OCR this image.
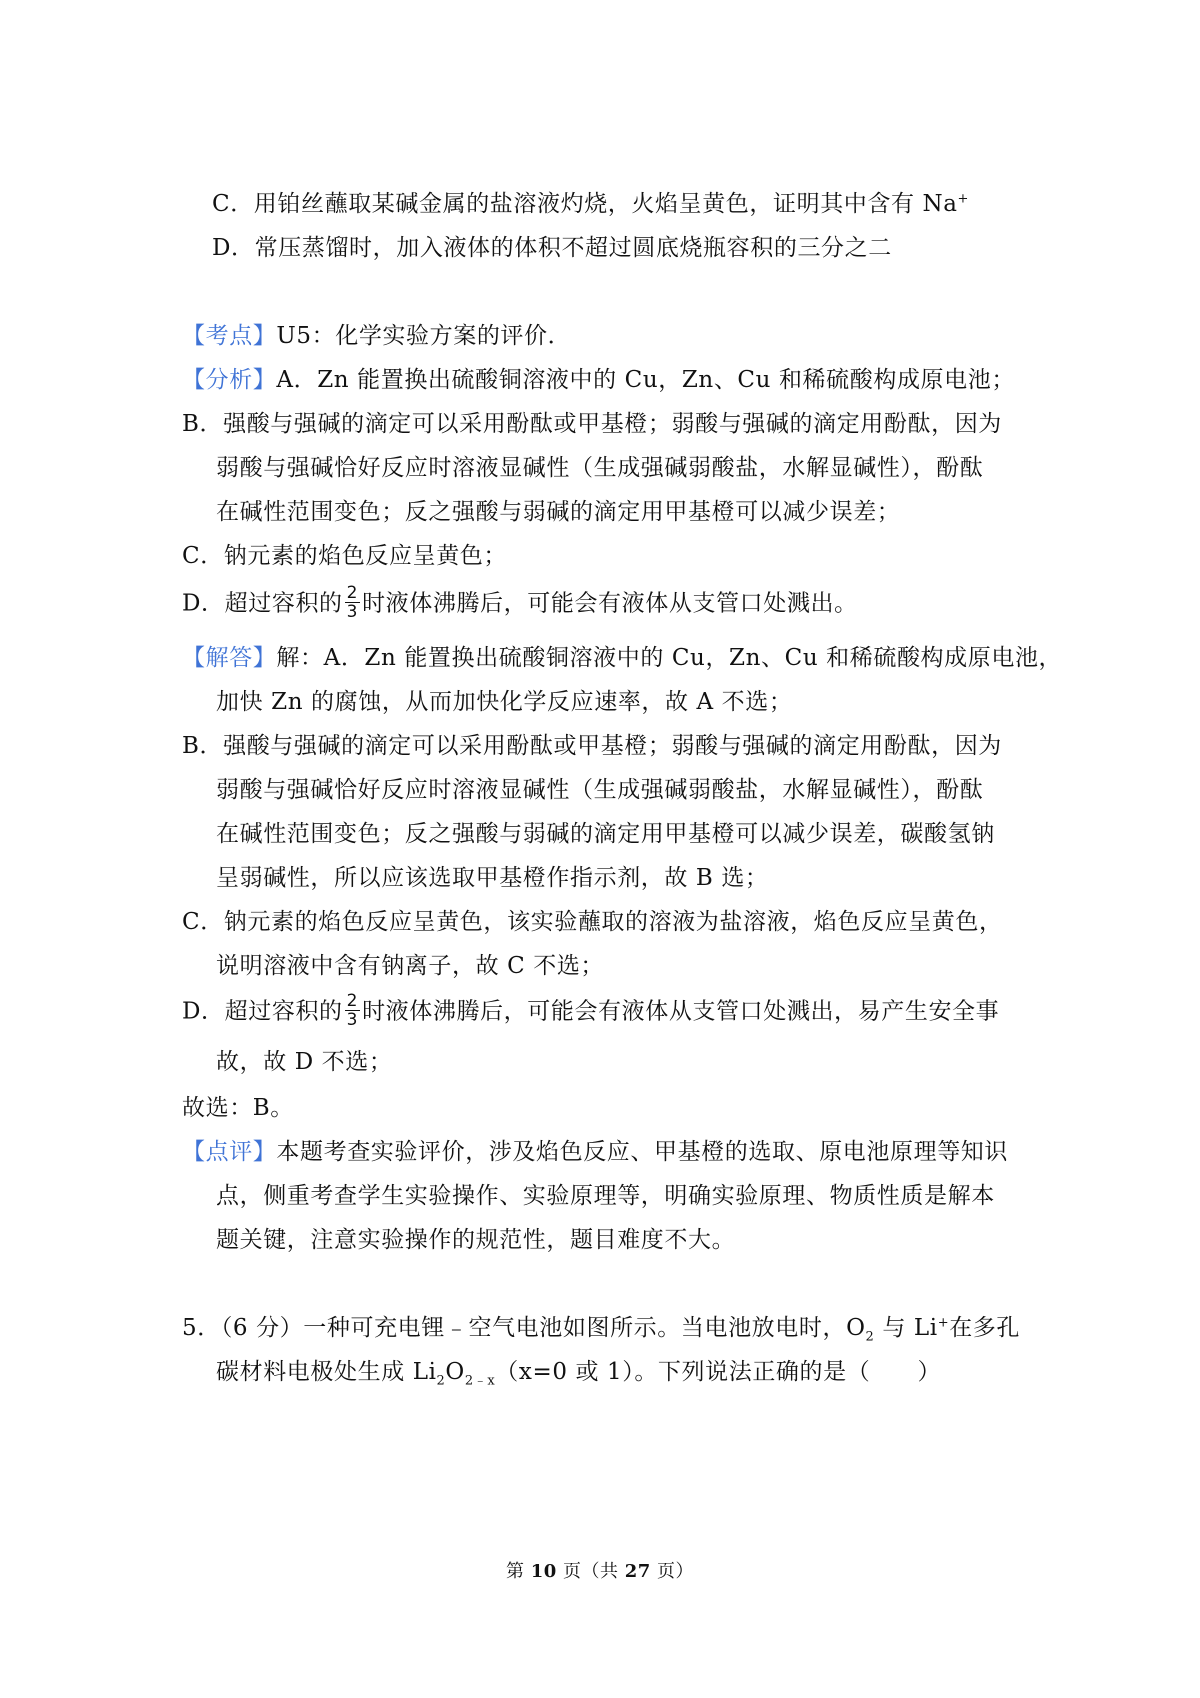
C．用铂丝蘸取某碱金属的盐溶液灼烧，火焰呈黄色，证明其中含有 Na+
D．常压蒸馏时，加入液体的体积不超过圆底烧瓶容积的三分之二
【考点】U5：化学实验方案的评价．
【分析】A．Zn 能置换出硫酸铜溶液中的 Cu，Zn、Cu 和稀硫酸构成原电池；
B．强酸与强碱的滴定可以采用酚酞或甲基橙；弱酸与强碱的滴定用酚酞，因为
弱酸与强碱恰好反应时溶液显碱性（生成强碱弱酸盐，水解显碱性），酚酞
在碱性范围变色；反之强酸与弱碱的滴定用甲基橙可以减少误差；
C．钠元素的焰色反应呈黄色；
D．超过容积的 $\frac{2}{3}$ 时液体沸腾后，可能会有液体从支管口处溅出。
【解答】解：A．Zn 能置换出硫酸铜溶液中的 Cu，Zn、Cu 和稀硫酸构成原电池，
加快 Zn 的腐蚀，从而加快化学反应速率，故 A 不选；
B．强酸与强碱的滴定可以采用酚酞或甲基橙；弱酸与强碱的滴定用酚酞，因为
弱酸与强碱恰好反应时溶液显碱性（生成强碱弱酸盐，水解显碱性），酚酞
在碱性范围变色；反之强酸与弱碱的滴定用甲基橙可以减少误差，碳酸氢钠
呈弱碱性，所以应该选取甲基橙作指示剂，故 B 选；
C．钠元素的焰色反应呈黄色，该实验蘸取的溶液为盐溶液，焰色反应呈黄色，
说明溶液中含有钠离子，故 C 不选；
D．超过容积的 $\frac{2}{3}$ 时液体沸腾后，可能会有液体从支管口处溅出，易产生安全事
故，故 D 不选；
故选：B。
【点评】本题考查实验评价，涉及焰色反应、甲基橙的选取、原电池原理等知识
点，侧重考查学生实验操作、实验原理等，明确实验原理、物质性质是解本
题关键，注意实验操作的规范性，题目难度不大。
5．（6 分）一种可充电锂﹣空气电池如图所示。当电池放电时，$O_2$ 与 Li+在多孔
碳材料电极处生成 $Li_2O_{2﹣x}(x=0$ 或 1）。下列说法正确的是（　　）
第 10 页（共 27 页）
